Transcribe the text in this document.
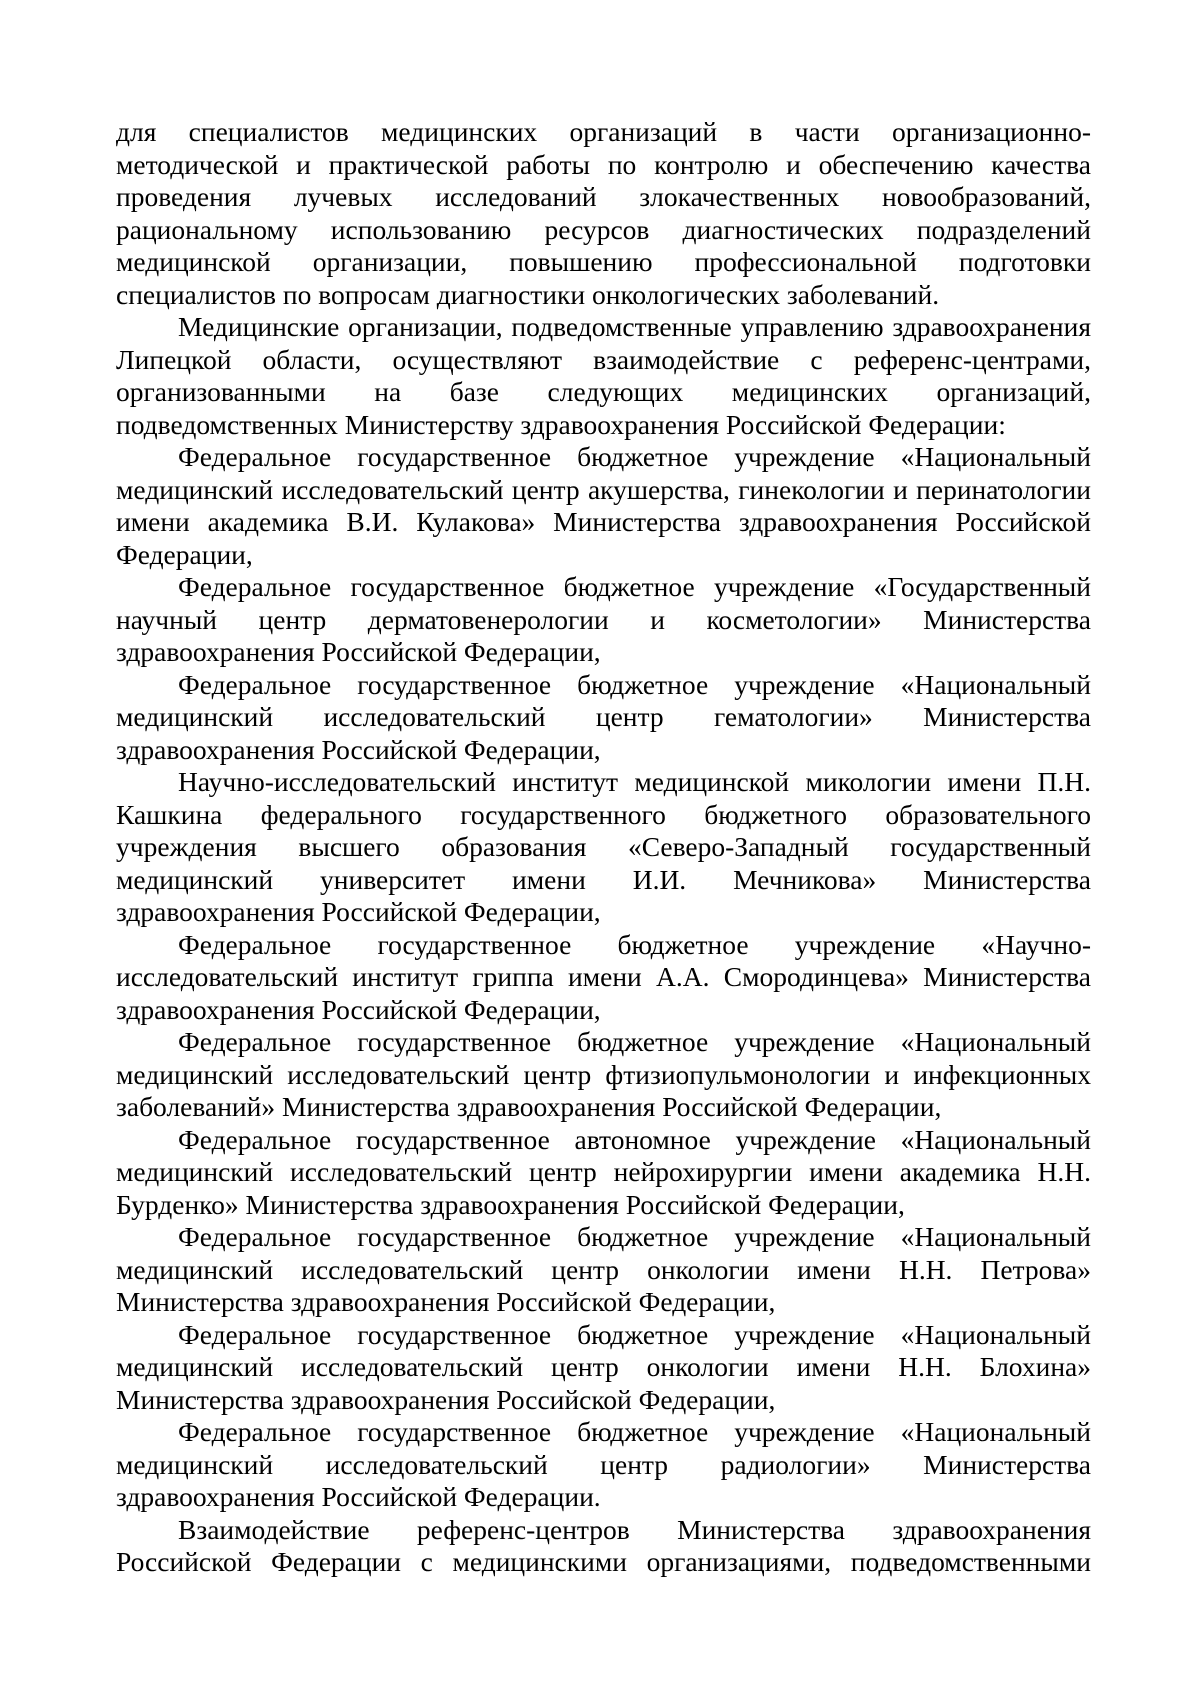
для специалистов медицинских организаций в части организационно-методической и практической работы по контролю и обеспечению качества проведения лучевых исследований злокачественных новообразований, рациональному использованию ресурсов диагностических подразделений медицинской организации, повышению профессиональной подготовки специалистов по вопросам диагностики онкологических заболеваний.

Медицинские организации, подведомственные управлению здравоохранения Липецкой области, осуществляют взаимодействие с референс-центрами, организованными на базе следующих медицинских организаций, подведомственных Министерству здравоохранения Российской Федерации:

Федеральное государственное бюджетное учреждение «Национальный медицинский исследовательский центр акушерства, гинекологии и перинатологии имени академика В.И. Кулакова» Министерства здравоохранения Российской Федерации,

Федеральное государственное бюджетное учреждение «Государственный научный центр дерматовенерологии и косметологии» Министерства здравоохранения Российской Федерации,

Федеральное государственное бюджетное учреждение «Национальный медицинский исследовательский центр гематологии» Министерства здравоохранения Российской Федерации,

Научно-исследовательский институт медицинской микологии имени П.Н. Кашкина федерального государственного бюджетного образовательного учреждения высшего образования «Северо-Западный государственный медицинский университет имени И.И. Мечникова» Министерства здравоохранения Российской Федерации,

Федеральное государственное бюджетное учреждение «Научно-исследовательский институт гриппа имени А.А. Смородинцева» Министерства здравоохранения Российской Федерации,

Федеральное государственное бюджетное учреждение «Национальный медицинский исследовательский центр фтизиопульмонологии и инфекционных заболеваний» Министерства здравоохранения Российской Федерации,

Федеральное государственное автономное учреждение «Национальный медицинский исследовательский центр нейрохирургии имени академика Н.Н. Бурденко» Министерства здравоохранения Российской Федерации,

Федеральное государственное бюджетное учреждение «Национальный медицинский исследовательский центр онкологии имени Н.Н. Петрова» Министерства здравоохранения Российской Федерации,

Федеральное государственное бюджетное учреждение «Национальный медицинский исследовательский центр онкологии имени Н.Н. Блохина» Министерства здравоохранения Российской Федерации,

Федеральное государственное бюджетное учреждение «Национальный медицинский исследовательский центр радиологии» Министерства здравоохранения Российской Федерации.

Взаимодействие референс-центров Министерства здравоохранения Российской Федерации с медицинскими организациями, подведомственными
